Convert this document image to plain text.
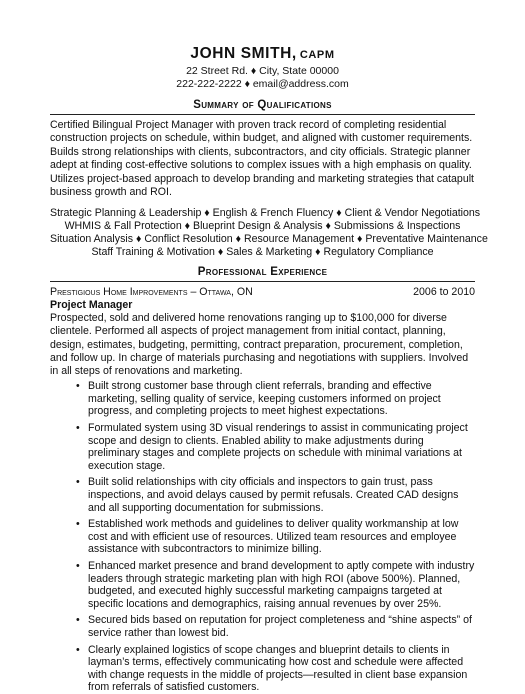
JOHN SMITH, CAPM
22 Street Rd. ♦ City, State 00000
222-222-2222 ♦ email@address.com
Summary of Qualifications
Certified Bilingual Project Manager with proven track record of completing residential construction projects on schedule, within budget, and aligned with customer requirements. Builds strong relationships with clients, subcontractors, and city officials. Strategic planner adept at finding cost-effective solutions to complex issues with a high emphasis on quality. Utilizes project-based approach to develop branding and marketing strategies that catapult business growth and ROI.
Strategic Planning & Leadership ♦ English & French Fluency ♦ Client & Vendor Negotiations
WHMIS & Fall Protection ♦ Blueprint Design & Analysis ♦ Submissions & Inspections
Situation Analysis ♦ Conflict Resolution ♦ Resource Management ♦ Preventative Maintenance
Staff Training & Motivation ♦ Sales & Marketing ♦ Regulatory Compliance
Professional Experience
Prestigious Home Improvements – Ottawa, ON	2006 to 2010
Project Manager
Prospected, sold and delivered home renovations ranging up to $100,000 for diverse clientele. Performed all aspects of project management from initial contact, planning, design, estimates, budgeting, permitting, contract preparation, procurement, completion, and follow up. In charge of materials purchasing and negotiations with suppliers. Involved in all steps of renovations and marketing.
• Built strong customer base through client referrals, branding and effective marketing, selling quality of service, keeping customers informed on project progress, and completing projects to meet highest expectations.
• Formulated system using 3D visual renderings to assist in communicating project scope and design to clients. Enabled ability to make adjustments during preliminary stages and complete projects on schedule with minimal variations at execution stage.
• Built solid relationships with city officials and inspectors to gain trust, pass inspections, and avoid delays caused by permit refusals. Created CAD designs and all supporting documentation for submissions.
• Established work methods and guidelines to deliver quality workmanship at low cost and with efficient use of resources. Utilized team resources and employee assistance with subcontractors to minimize billing.
• Enhanced market presence and brand development to aptly compete with industry leaders through strategic marketing plan with high ROI (above 500%). Planned, budgeted, and executed highly successful marketing campaigns targeted at specific locations and demographics, raising annual revenues by over 25%.
• Secured bids based on reputation for project completeness and “shine aspects” of service rather than lowest bid.
• Clearly explained logistics of scope changes and blueprint details to clients in layman’s terms, effectively communicating how cost and schedule were affected with change requests in the middle of projects—resulted in client base expansion from referrals of satisfied customers.
